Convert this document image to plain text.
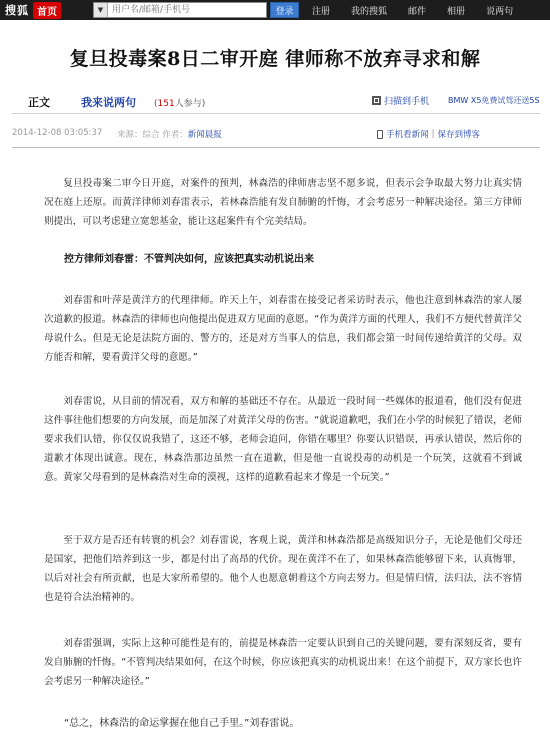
搜狐 首页	▼
用户名/邮箱/手机号	登录	注册 我的搜狐 邮件 相册 说两句
复旦投毒案8日二审开庭 律师称不放弃寻求和解
正文	我来说两句 (151人参与)	扫描到手机 BMW X5免费试驾还送5S
2014-12-08 03:05:37 来源：综合 作者：新闻晨报	手机看新闻 | 保存到博客

复旦投毒案二审今日开庭，对案件的预判，林森浩的律师唐志坚不愿多说，但表示会争取最大努力让真实情况在庭上还原。而黄洋律师刘春雷表示，若林森浩能有发自肺腑的忏悔，才会考虑另一种解决途径。第三方律师则提出，可以考虑建立宽恕基金，能让这起案件有个完美结局。

控方律师刘春雷：不管判决如何，应该把真实动机说出来

刘春雷和叶萍是黄洋方的代理律师。昨天上午，刘春雷在接受记者采访时表示，他也注意到林森浩的家人屡次道歉的报道。林森浩的律师也向他提出促进双方见面的意愿。“作为黄洋方面的代理人，我们不方便代替黄洋父母说什么。但是无论是法院方面的、警方的，还是对方当事人的信息，我们都会第一时间传递给黄洋的父母。双方能否和解，要看黄洋父母的意愿。”

刘春雷说，从目前的情况看，双方和解的基础还不存在。从最近一段时间一些媒体的报道看，他们没有促进这件事往他们想要的方向发展，而是加深了对黄洋父母的伤害。“就说道歉吧，我们在小学的时候犯了错误，老师要求我们认错，你仅仅说我错了，这还不够，老师会追问，你错在哪里？你要认识错误，再承认错误，然后你的道歉才体现出诚意。现在，林森浩那边虽然一直在道歉，但是他一直说投毒的动机是一个玩笑，这就看不到诚意。黄家父母看到的是林森浩对生命的漠视，这样的道歉看起来才像是一个玩笑。”

至于双方是否还有转寰的机会？刘春雷说，客观上说，黄洋和林森浩都是高级知识分子，无论是他们父母还是国家，把他们培养到这一步，都是付出了高昂的代价。现在黄洋不在了，如果林森浩能够留下来，认真悔罪，以后对社会有所贡献，也是大家所希望的。他个人也愿意朝着这个方向去努力。但是情归情，法归法，法不容情也是符合法治精神的。

刘春雷强调，实际上这种可能性是有的，前提是林森浩一定要认识到自己的关键问题，要有深刻反省，要有发自肺腑的忏悔。“不管判决结果如何，在这个时候，你应该把真实的动机说出来！在这个前提下，双方家长也许会考虑另一种解决途径。”

“总之，林森浩的命运掌握在他自己手里。”刘春雷说。
